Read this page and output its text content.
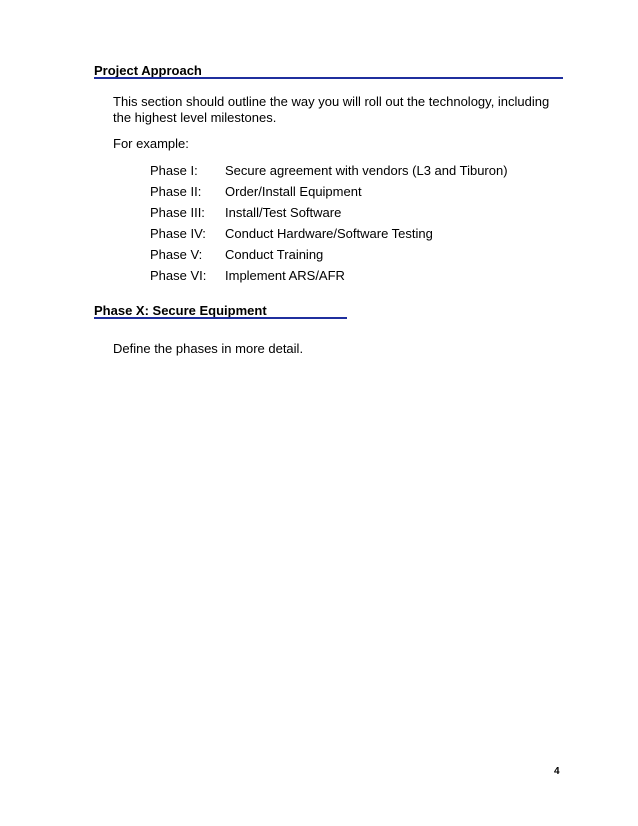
Project Approach
This section should outline the way you will roll out the technology, including the highest level milestones.
For example:
Phase I: Secure agreement with vendors (L3 and Tiburon)
Phase II: Order/Install Equipment
Phase III: Install/Test Software
Phase IV: Conduct Hardware/Software Testing
Phase V: Conduct Training
Phase VI: Implement ARS/AFR
Phase X: Secure Equipment
Define the phases in more detail.
4
